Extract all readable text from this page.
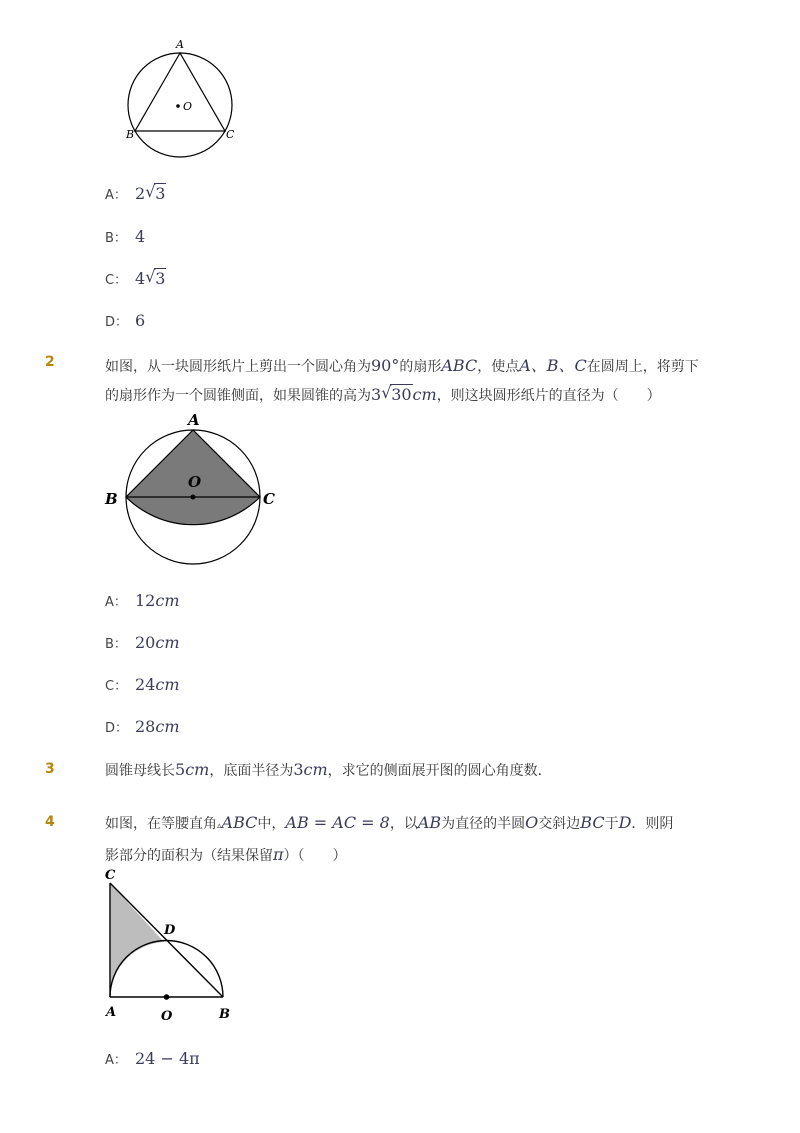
A
O
B	C
A： 2 √ 3
B： 4
C： 4 √ 3
D： 6
2	如图，从一块圆形纸片上剪出一个圆心角为90°的扇形ABC，使点A、B、C在圆周上，将剪下
的扇形作为一个圆锥侧面，如果圆锥的高为3 √ 30cm，则这块圆形纸片的直径为（　　）
A
O
B	C
A： 12cm
B： 20cm
C： 24cm
D： 28cm
3	圆锥母线长5cm，底面半径为3cm，求它的侧面展开图的圆心角度数．
4	如图，在等腰直角▵ABC中，AB = AC = 8，以AB为直径的半圆O交斜边BC于D．则阴
影部分的面积为（结果保留π）（　　）
C
D
A	O	B
A： 24 − 4π
